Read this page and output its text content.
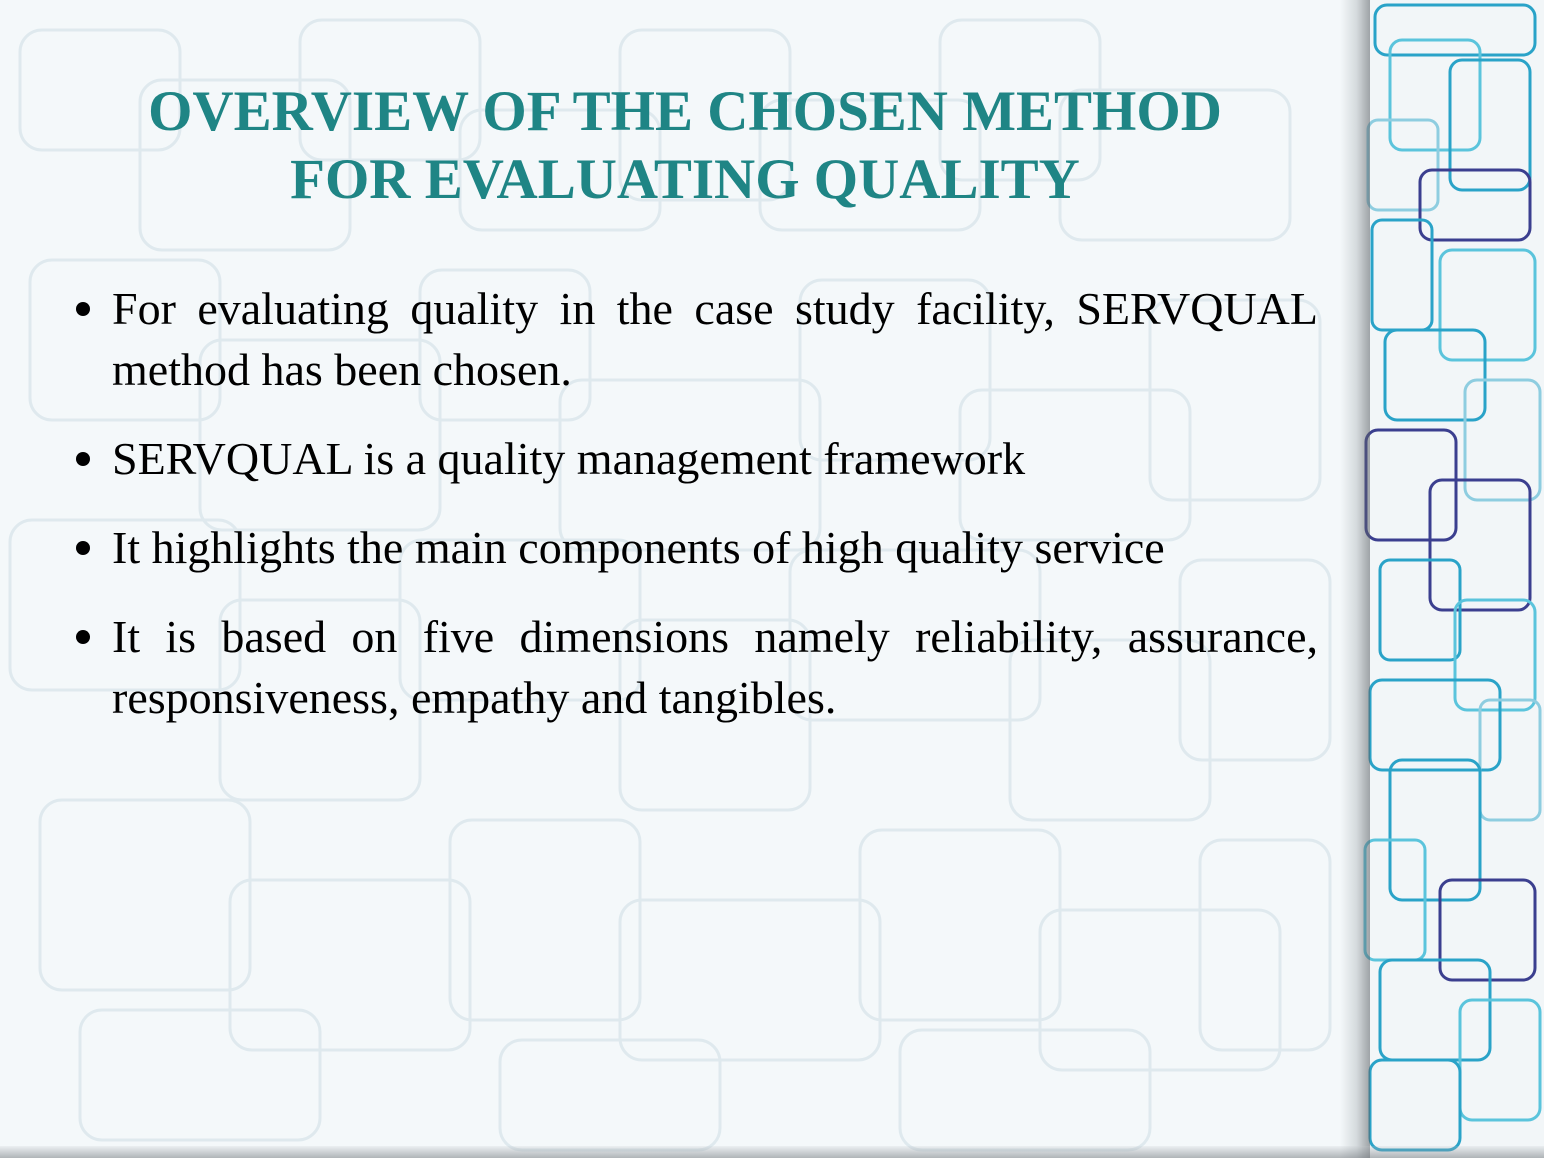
OVERVIEW OF THE CHOSEN METHOD
FOR EVALUATING QUALITY
For evaluating quality in the case study facility, SERVQUAL method has been chosen.
SERVQUAL is a quality management framework
It highlights the main components of high quality service
It is based on five dimensions namely reliability, assurance, responsiveness, empathy and tangibles.
